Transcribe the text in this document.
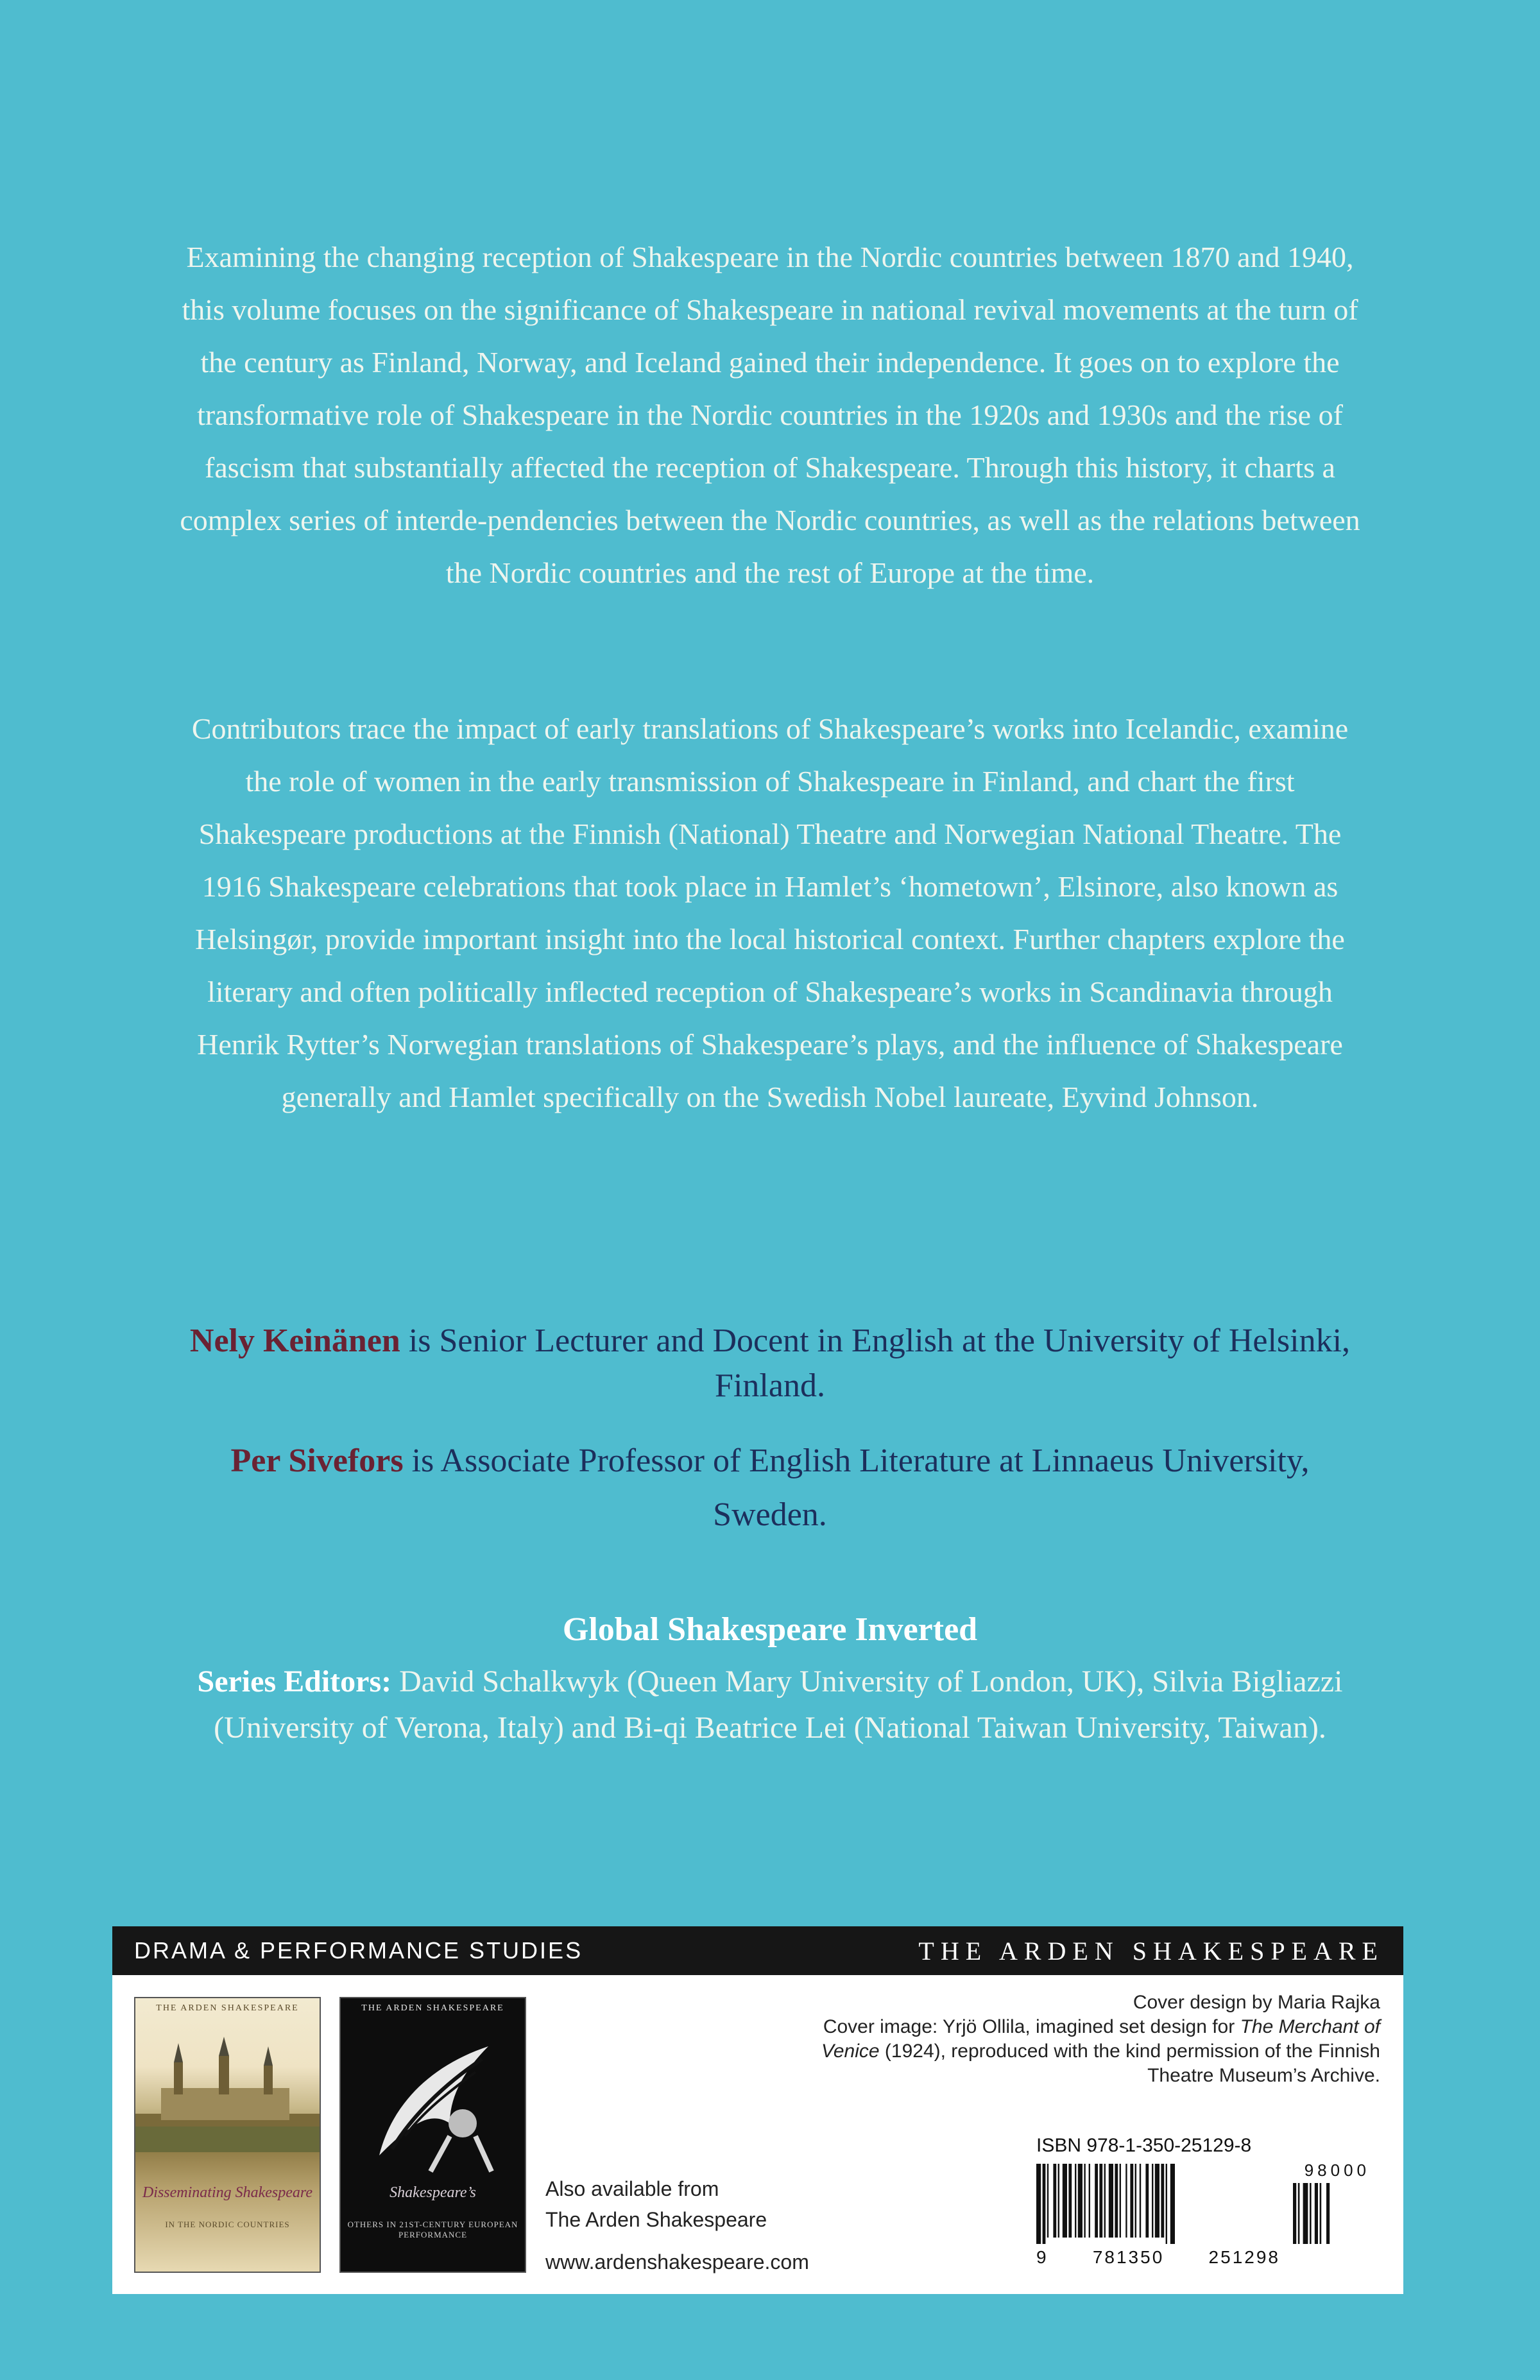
Examining the changing reception of Shakespeare in the Nordic countries between 1870 and 1940, this volume focuses on the significance of Shakespeare in national revival movements at the turn of the century as Finland, Norway, and Iceland gained their independence. It goes on to explore the transformative role of Shakespeare in the Nordic countries in the 1920s and 1930s and the rise of fascism that substantially affected the reception of Shakespeare. Through this history, it charts a complex series of interde-pendencies between the Nordic countries, as well as the relations between the Nordic countries and the rest of Europe at the time.

Contributors trace the impact of early translations of Shakespeare’s works into Icelandic, examine the role of women in the early transmission of Shakespeare in Finland, and chart the first Shakespeare productions at the Finnish (National) Theatre and Norwegian National Theatre. The 1916 Shakespeare celebrations that took place in Hamlet’s ‘hometown’, Elsinore, also known as Helsingør, provide important insight into the local historical context. Further chapters explore the literary and often politically inflected reception of Shakespeare’s works in Scandinavia through Henrik Rytter’s Norwegian translations of Shakespeare’s plays, and the influence of Shakespeare generally and Hamlet specifically on the Swedish Nobel laureate, Eyvind Johnson.

Nely Keinänen is Senior Lecturer and Docent in English at the University of Helsinki, Finland.

Per Sivefors is Associate Professor of English Literature at Linnaeus University, Sweden.

Global Shakespeare Inverted

Series Editors: David Schalkwyk (Queen Mary University of London, UK), Silvia Bigliazzi (University of Verona, Italy) and Bi-qi Beatrice Lei (National Taiwan University, Taiwan).

DRAMA & PERFORMANCE STUDIES	THE ARDEN SHAKESPEARE
THE ARDEN SHAKESPEARE
Disseminating Shakespeare
IN THE NORDIC COUNTRIES
THE ARDEN SHAKESPEARE
Shakespeare’s
OTHERS IN 21ST-CENTURY EUROPEAN PERFORMANCE
Also available from
The Arden Shakespeare
www.ardenshakespeare.com

Cover design by Maria Rajka

Cover image: Yrjö Ollila, imagined set design for The Merchant of Venice (1924), reproduced with the kind permission of the Finnish Theatre Museum’s Archive.

ISBN 978-1-350-25129-8
98000
9 781350 251298
